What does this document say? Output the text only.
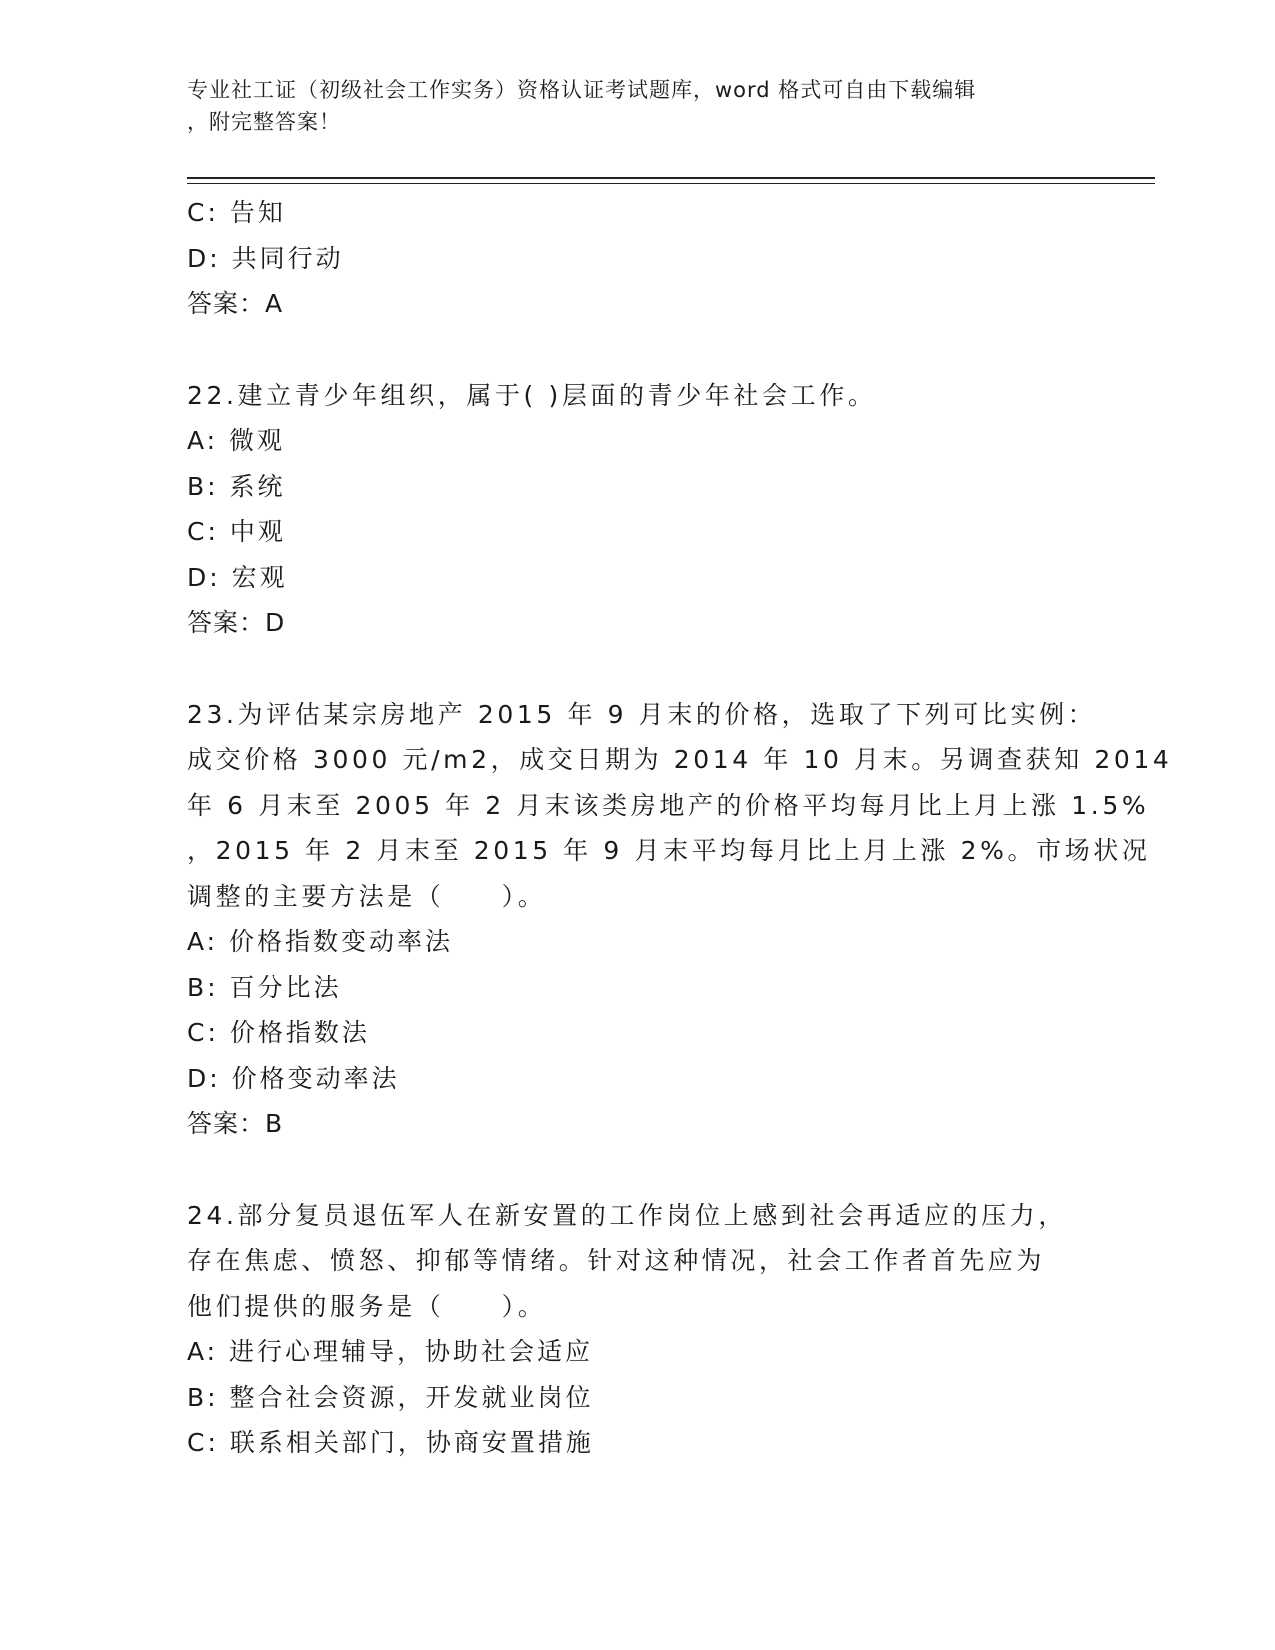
专业社工证（初级社会工作实务）资格认证考试题库，word 格式可自由下载编辑
，附完整答案！
C: 告知
D: 共同行动
答案：A
22.建立青少年组织，属于( )层面的青少年社会工作。
A: 微观
B: 系统
C: 中观
D: 宏观
答案：D
23.为评估某宗房地产 2015 年 9 月末的价格，选取了下列可比实例：
成交价格 3000 元/m2，成交日期为 2014 年 10 月末。另调查获知 2014
年 6 月末至 2005 年 2 月末该类房地产的价格平均每月比上月上涨 1.5%
，2015 年 2 月末至 2015 年 9 月末平均每月比上月上涨 2%。市场状况
调整的主要方法是（　　）。
A: 价格指数变动率法
B: 百分比法
C: 价格指数法
D: 价格变动率法
答案：B
24.部分复员退伍军人在新安置的工作岗位上感到社会再适应的压力，
存在焦虑、愤怒、抑郁等情绪。针对这种情况，社会工作者首先应为
他们提供的服务是（　　）。
A: 进行心理辅导，协助社会适应
B: 整合社会资源，开发就业岗位
C: 联系相关部门，协商安置措施
